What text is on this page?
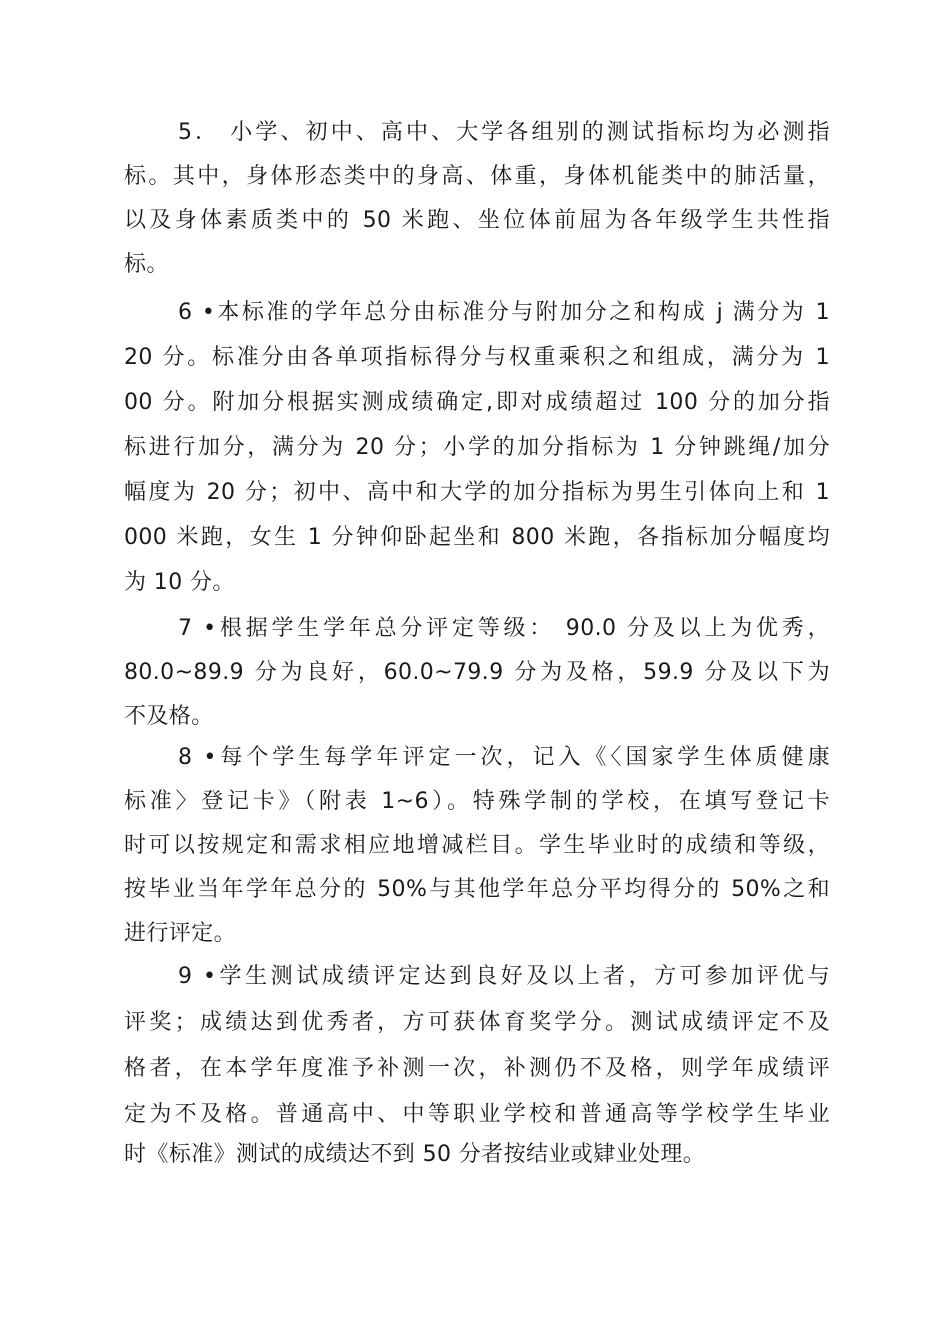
5． 小学、初中、高中、大学各组别的测试指标均为必测指
标。其中，身体形态类中的身高、体重，身体机能类中的肺活量，
以及身体素质类中的 50 米跑、坐位体前屈为各年级学生共性指
标。
6 •本标准的学年总分由标准分与附加分之和构成 j 满分为 1
20 分。标准分由各单项指标得分与权重乘积之和组成，满分为 1
00 分。附加分根据实测成绩确定,即对成绩超过 100 分的加分指
标进行加分，满分为 20 分；小学的加分指标为 1 分钟跳绳/加分
幅度为 20 分；初中、高中和大学的加分指标为男生引体向上和 1
000 米跑，女生 1 分钟仰卧起坐和 800 米跑，各指标加分幅度均
为 10 分。
7 •根据学生学年总分评定等级： 90.0 分及以上为优秀，
80.0~89.9 分为良好，60.0~79.9 分为及格，59.9 分及以下为
不及格。
8 •每个学生每学年评定一次，记入《〈国家学生体质健康
标准〉登记卡》（附表 1~6）。特殊学制的学校，在填写登记卡
时可以按规定和需求相应地增减栏目。学生毕业时的成绩和等级，
按毕业当年学年总分的 50%与其他学年总分平均得分的 50%之和
进行评定。
9 •学生测试成绩评定达到良好及以上者，方可参加评优与
评奖；成绩达到优秀者，方可获体育奖学分。测试成绩评定不及
格者，在本学年度准予补测一次，补测仍不及格，则学年成绩评
定为不及格。普通高中、中等职业学校和普通高等学校学生毕业
时《标准》测试的成绩达不到 50 分者按结业或肄业处理。
